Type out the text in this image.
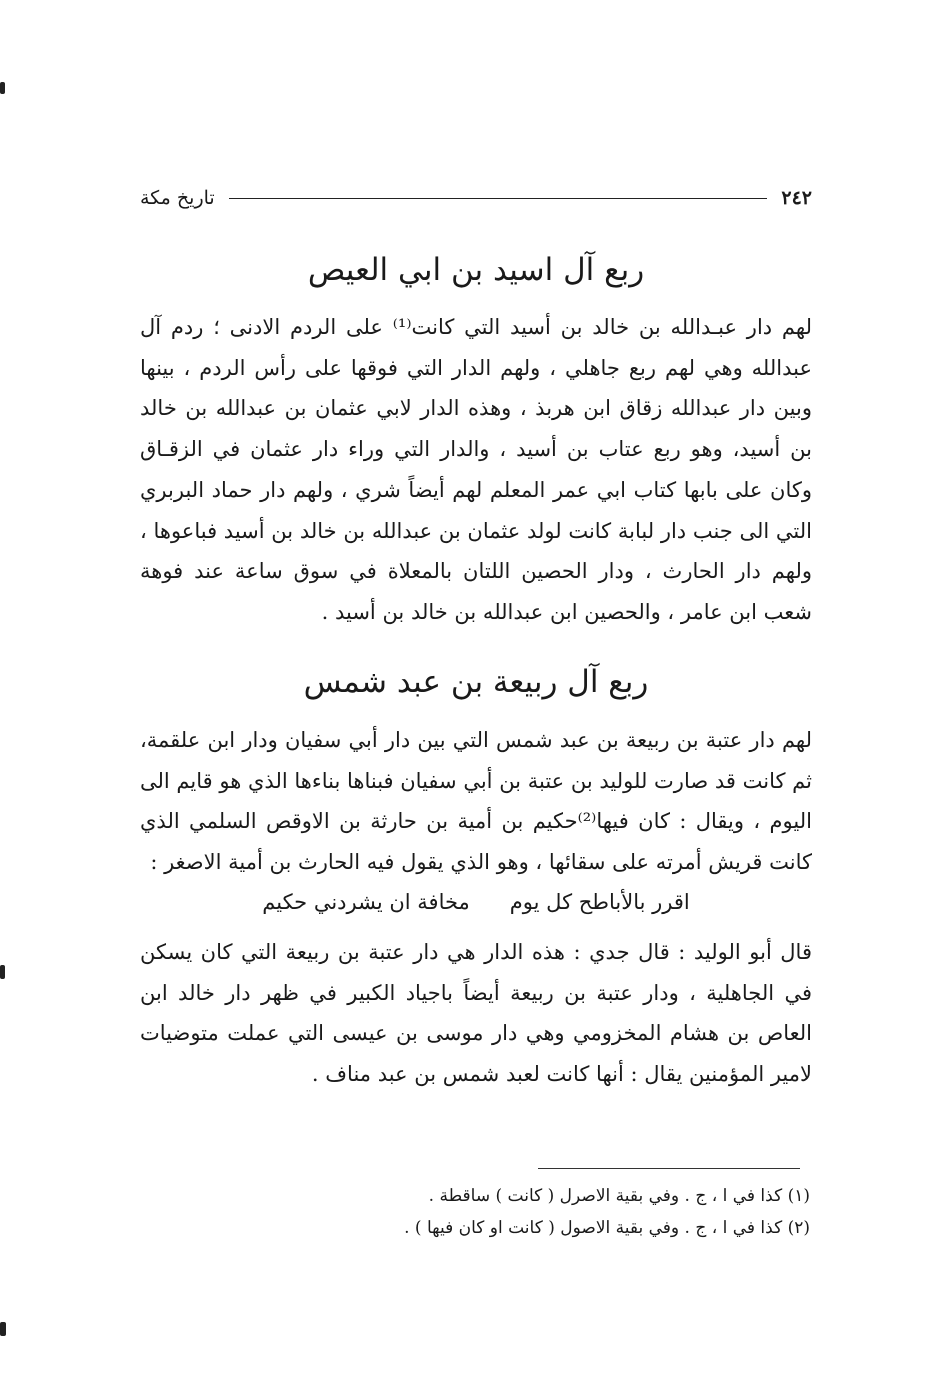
٢٤٢
تاريخ مكة
ربع آل اسيد بن ابي العيص

لهم دار عبـدالله بن خالد بن أسيد التي كانت⁽¹⁾ على الردم الادنى ؛ ردم آل عبدالله وهي لهم ربع جاهلي ، ولهم الدار التي فوقها على رأس الردم ، بينها وبين دار عبدالله زقاق ابن هربذ ، وهذه الدار لابي عثمان بن عبدالله بن خالد بن أسيد، وهو ربع عتاب بن أسيد ، والدار التي وراء دار عثمان في الزقـاق وكان على بابها كتاب ابي عمر المعلم لهم أيضاً شري ، ولهم دار حماد البربري التي الى جنب دار لبابة كانت لولد عثمان بن عبدالله بن خالد بن أسيد فباعوها ، ولهم دار الحارث ، ودار الحصين اللتان بالمعلاة في سوق ساعة عند فوهة شعب ابن عامر ، والحصين ابن عبدالله بن خالد بن أسيد .

ربع آل ربيعة بن عبد شمس

لهم دار عتبة بن ربيعة بن عبد شمس التي بين دار أبي سفيان ودار ابن علقمة، ثم كانت قد صارت للوليد بن عتبة بن أبي سفيان فبناها بناءها الذي هو قايم الى اليوم ، ويقال : كان فيها⁽²⁾حكيم بن أمية بن حارثة بن الاوقص السلمي الذي كانت قريش أمرته على سقائها ، وهو الذي يقول فيه الحارث بن أمية الاصغر :

اقرر بالأباطح كل يوم
مخافة ان يشردني حكيم

قال أبو الوليد : قال جدي : هذه الدار هي دار عتبة بن ربيعة التي كان يسكن في الجاهلية ، ودار عتبة بن ربيعة أيضاً باجياد الكبير في ظهر دار خالد ابن العاص بن هشام المخزومي وهي دار موسى بن عيسى التي عملت متوضيات لامير المؤمنين يقال : أنها كانت لعبد شمس بن عبد مناف .

(١) كذا في ا ، ج . وفي بقية الاصرل ( كانت ) ساقطة .

(٢) كذا في ا ، ج . وفي بقية الاصول ( كانت او كان فيها ) .
